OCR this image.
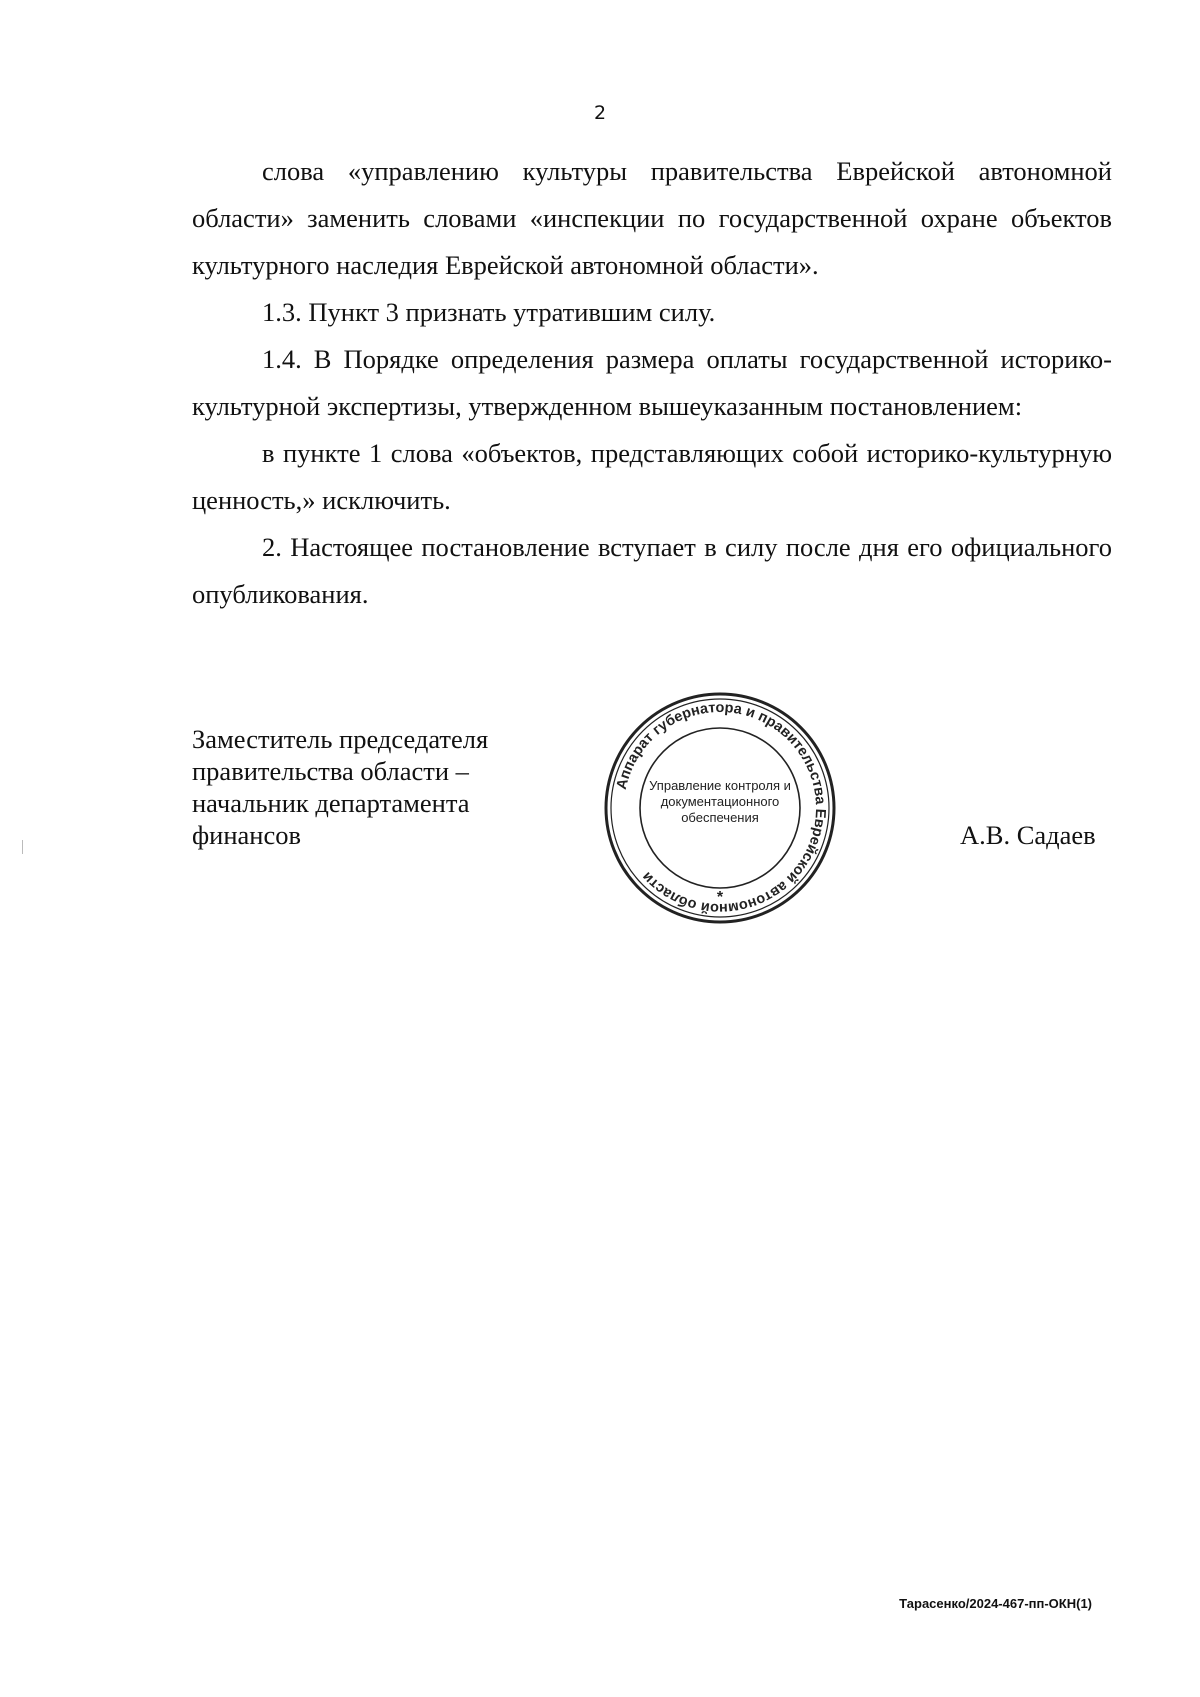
2

слова «управлению культуры правительства Еврейской автономной области» заменить словами «инспекции по государственной охране объектов культурного наследия Еврейской автономной области».

1.3. Пункт 3 признать утратившим силу.

1.4. В Порядке определения размера оплаты государственной историко-культурной экспертизы, утвержденном вышеуказанным постановлением:

в пункте 1 слова «объектов, представляющих собой историко-культурную ценность,» исключить.

2. Настоящее постановление вступает в силу после дня его официального опубликования.

Заместитель председателя
правительства области –
начальник департамента
финансов	А.В. Садаев
Аппарат губернатора и правительства Еврейской автономной области
Управление контроля и
документационного
обеспечения
*
Тарасенко/2024-467-пп-ОКН(1)
